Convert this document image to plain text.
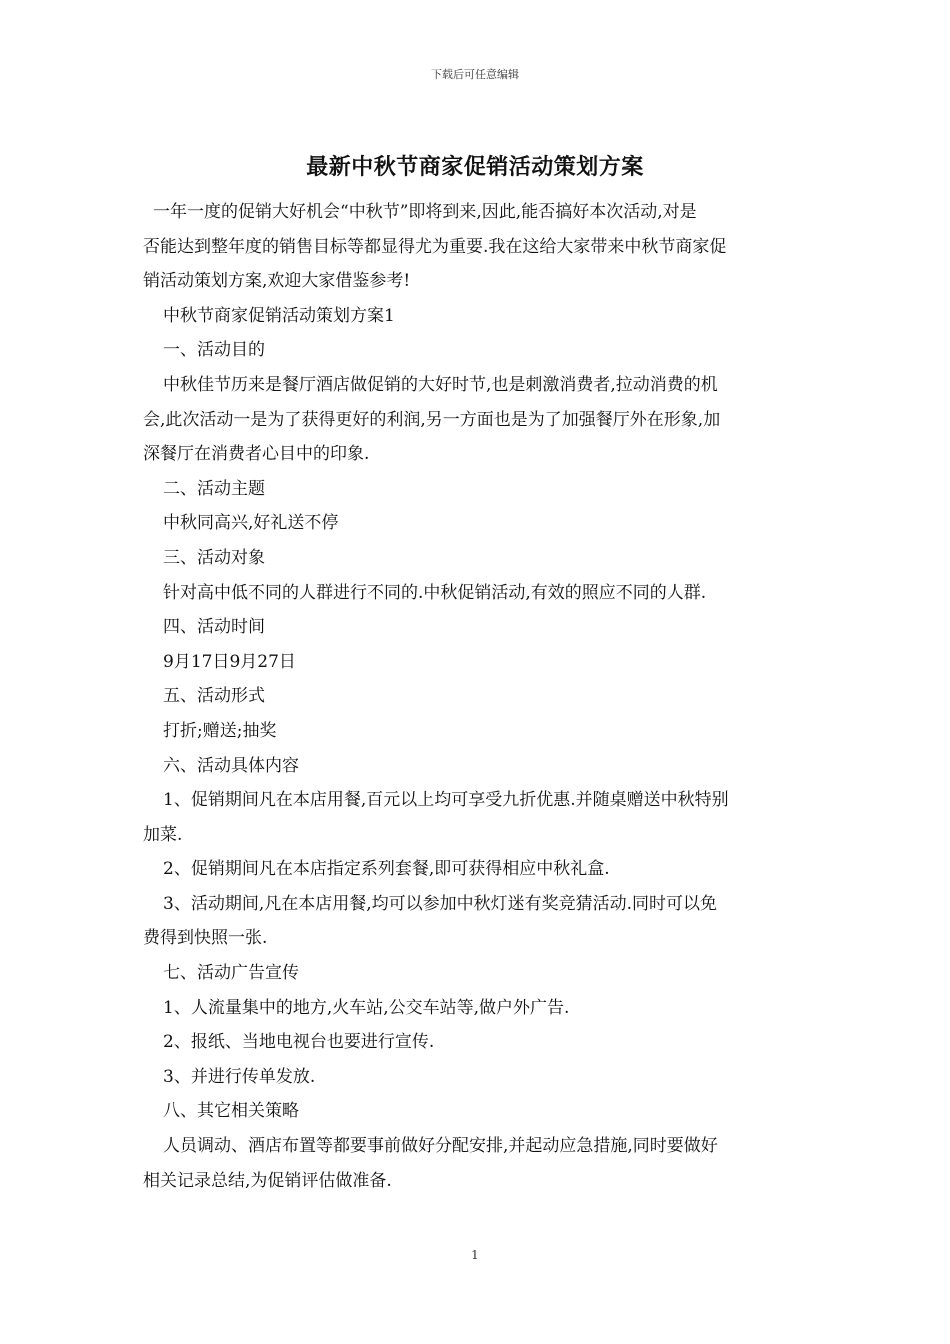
下载后可任意编辑
最新中秋节商家促销活动策划方案
一年一度的促销大好机会“中秋节”即将到来,因此,能否搞好本次活动,对是
否能达到整年度的销售目标等都显得尤为重要.我在这给大家带来中秋节商家促
销活动策划方案,欢迎大家借鉴参考!
中秋节商家促销活动策划方案1
一、活动目的
中秋佳节历来是餐厅酒店做促销的大好时节,也是刺激消费者,拉动消费的机
会,此次活动一是为了获得更好的利润,另一方面也是为了加强餐厅外在形象,加
深餐厅在消费者心目中的印象.
二、活动主题
中秋同高兴,好礼送不停
三、活动对象
针对高中低不同的人群进行不同的.中秋促销活动,有效的照应不同的人群.
四、活动时间
9月17日9月27日
五、活动形式
打折;赠送;抽奖
六、活动具体内容
1、促销期间凡在本店用餐,百元以上均可享受九折优惠.并随桌赠送中秋特别
加菜.
2、促销期间凡在本店指定系列套餐,即可获得相应中秋礼盒.
3、活动期间,凡在本店用餐,均可以参加中秋灯迷有奖竞猜活动.同时可以免
费得到快照一张.
七、活动广告宣传
1、人流量集中的地方,火车站,公交车站等,做户外广告.
2、报纸、当地电视台也要进行宣传.
3、并进行传单发放.
八、其它相关策略
人员调动、酒店布置等都要事前做好分配安排,并起动应急措施,同时要做好
相关记录总结,为促销评估做准备.
1
